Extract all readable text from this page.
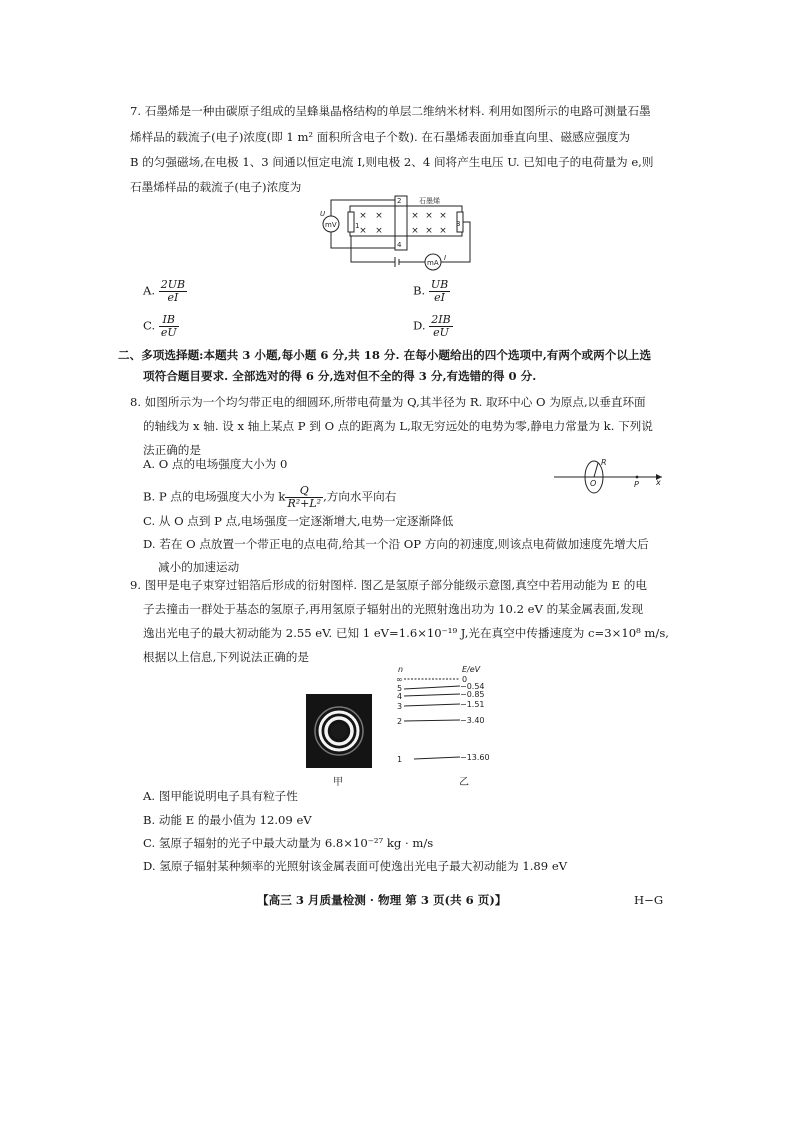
7. 石墨烯是一种由碳原子组成的呈蜂巢晶格结构的单层二维纳米材料. 利用如图所示的电路可测量石墨
烯样品的载流子(电子)浓度(即 1 m² 面积所含电子个数). 在石墨烯表面加垂直向里、磁感应强度为
B 的匀强磁场,在电极 1、3 间通以恒定电流 I,则电极 2、4 间将产生电压 U. 已知电子的电荷量为 e,则
石墨烯样品的载流子(电子)浓度为
× ×	× × ×
× ×	× × ×
石墨烯
U
mV
mA
I
1
2
3
4
A. $\frac{2UB}{eI}$	B. $\frac{UB}{eI}$
C. $\frac{IB}{eU}$	D. $\frac{2IB}{eU}$
二、多项选择题:本题共 3 小题,每小题 6 分,共 18 分. 在每小题给出的四个选项中,有两个或两个以上选
项符合题目要求. 全部选对的得 6 分,选对但不全的得 3 分,有选错的得 0 分.
8. 如图所示为一个均匀带正电的细圆环,所带电荷量为 Q,其半径为 R. 取环中心 O 为原点,以垂直环面
的轴线为 x 轴. 设 x 轴上某点 P 到 O 点的距离为 L,取无穷远处的电势为零,静电力常量为 k. 下列说
法正确的是
A. O 点的电场强度大小为 0
B. P 点的电场强度大小为 k $\frac{Q}{\text{R²+L²}}$ ,方向水平向右
C. 从 O 点到 P 点,电场强度一定逐渐增大,电势一定逐渐降低
D. 若在 O 点放置一个带正电的点电荷,给其一个沿 OP 方向的初速度,则该点电荷做加速度先增大后
减小的加速运动
O
R
P x
9. 图甲是电子束穿过铝箔后形成的衍射图样. 图乙是氢原子部分能级示意图,真空中若用动能为 E 的电
子去撞击一群处于基态的氢原子,再用氢原子辐射出的光照射逸出功为 10.2 eV 的某金属表面,发现
逸出光电子的最大初动能为 2.55 eV. 已知 1 eV=1.6×10⁻¹⁹ J,光在真空中传播速度为 c=3×10⁸ m/s,
根据以上信息,下列说法正确的是
甲
n	E/eV
∞	0
5	−0.54
4	−0.85
3	−1.51
2	−3.40
1	−13.60
乙
A. 图甲能说明电子具有粒子性
B. 动能 E 的最小值为 12.09 eV
C. 氢原子辐射的光子中最大动量为 6.8×10⁻²⁷ kg · m/s
D. 氢原子辐射某种频率的光照射该金属表面可使逸出光电子最大初动能为 1.89 eV
【高三 3 月质量检测 · 物理 第 3 页(共 6 页)】	H−G
